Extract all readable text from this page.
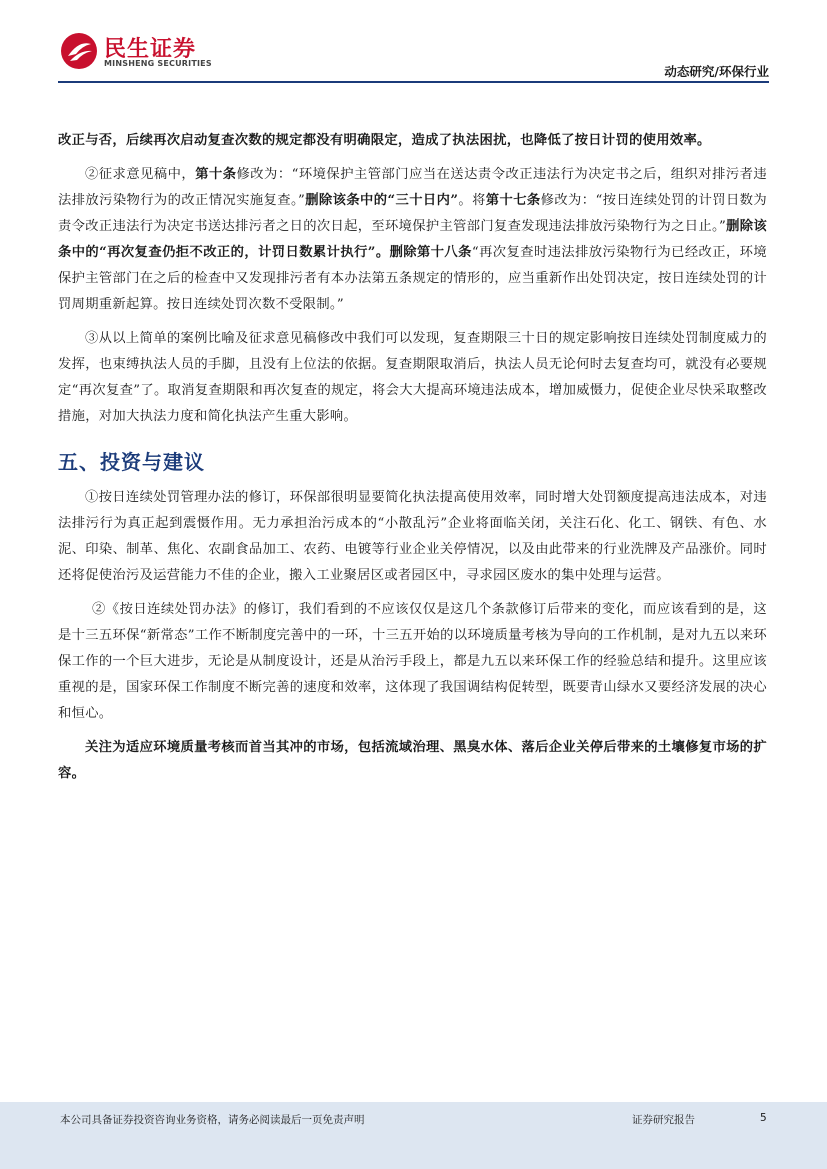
民生证券
MINSHENG SECURITIES
动态研究/环保行业

改正与否，后续再次启动复查次数的规定都没有明确限定，造成了执法困扰，也降低了按日计罚的使用效率。

②征求意见稿中，第十条修改为：“环境保护主管部门应当在送达责令改正违法行为决定书之后，组织对排污者违法排放污染物行为的改正情况实施复查。”删除该条中的“三十日内”。将第十七条修改为：“按日连续处罚的计罚日数为责令改正违法行为决定书送达排污者之日的次日起，至环境保护主管部门复查发现违法排放污染物行为之日止。”删除该条中的“再次复查仍拒不改正的，计罚日数累计执行”。删除第十八条“再次复查时违法排放污染物行为已经改正，环境保护主管部门在之后的检查中又发现排污者有本办法第五条规定的情形的，应当重新作出处罚决定，按日连续处罚的计罚周期重新起算。按日连续处罚次数不受限制。”

③从以上简单的案例比喻及征求意见稿修改中我们可以发现，复查期限三十日的规定影响按日连续处罚制度威力的发挥，也束缚执法人员的手脚，且没有上位法的依据。复查期限取消后，执法人员无论何时去复查均可，就没有必要规定“再次复查”了。取消复查期限和再次复查的规定，将会大大提高环境违法成本，增加威慑力，促使企业尽快采取整改措施，对加大执法力度和简化执法产生重大影响。

五、投资与建议

①按日连续处罚管理办法的修订，环保部很明显要简化执法提高使用效率，同时增大处罚额度提高违法成本，对违法排污行为真正起到震慑作用。无力承担治污成本的“小散乱污”企业将面临关闭，关注石化、化工、钢铁、有色、水泥、印染、制革、焦化、农副食品加工、农药、电镀等行业企业关停情况，以及由此带来的行业洗牌及产品涨价。同时还将促使治污及运营能力不佳的企业，搬入工业聚居区或者园区中，寻求园区废水的集中处理与运营。

②《按日连续处罚办法》的修订，我们看到的不应该仅仅是这几个条款修订后带来的变化，而应该看到的是，这是十三五环保“新常态”工作不断制度完善中的一环，十三五开始的以环境质量考核为导向的工作机制，是对九五以来环保工作的一个巨大进步，无论是从制度设计，还是从治污手段上，都是九五以来环保工作的经验总结和提升。这里应该重视的是，国家环保工作制度不断完善的速度和效率，这体现了我国调结构促转型，既要青山绿水又要经济发展的决心和恒心。

关注为适应环境质量考核而首当其冲的市场，包括流域治理、黑臭水体、落后企业关停后带来的土壤修复市场的扩容。

本公司具备证券投资咨询业务资格，请务必阅读最后一页免责声明	证券研究报告	5
